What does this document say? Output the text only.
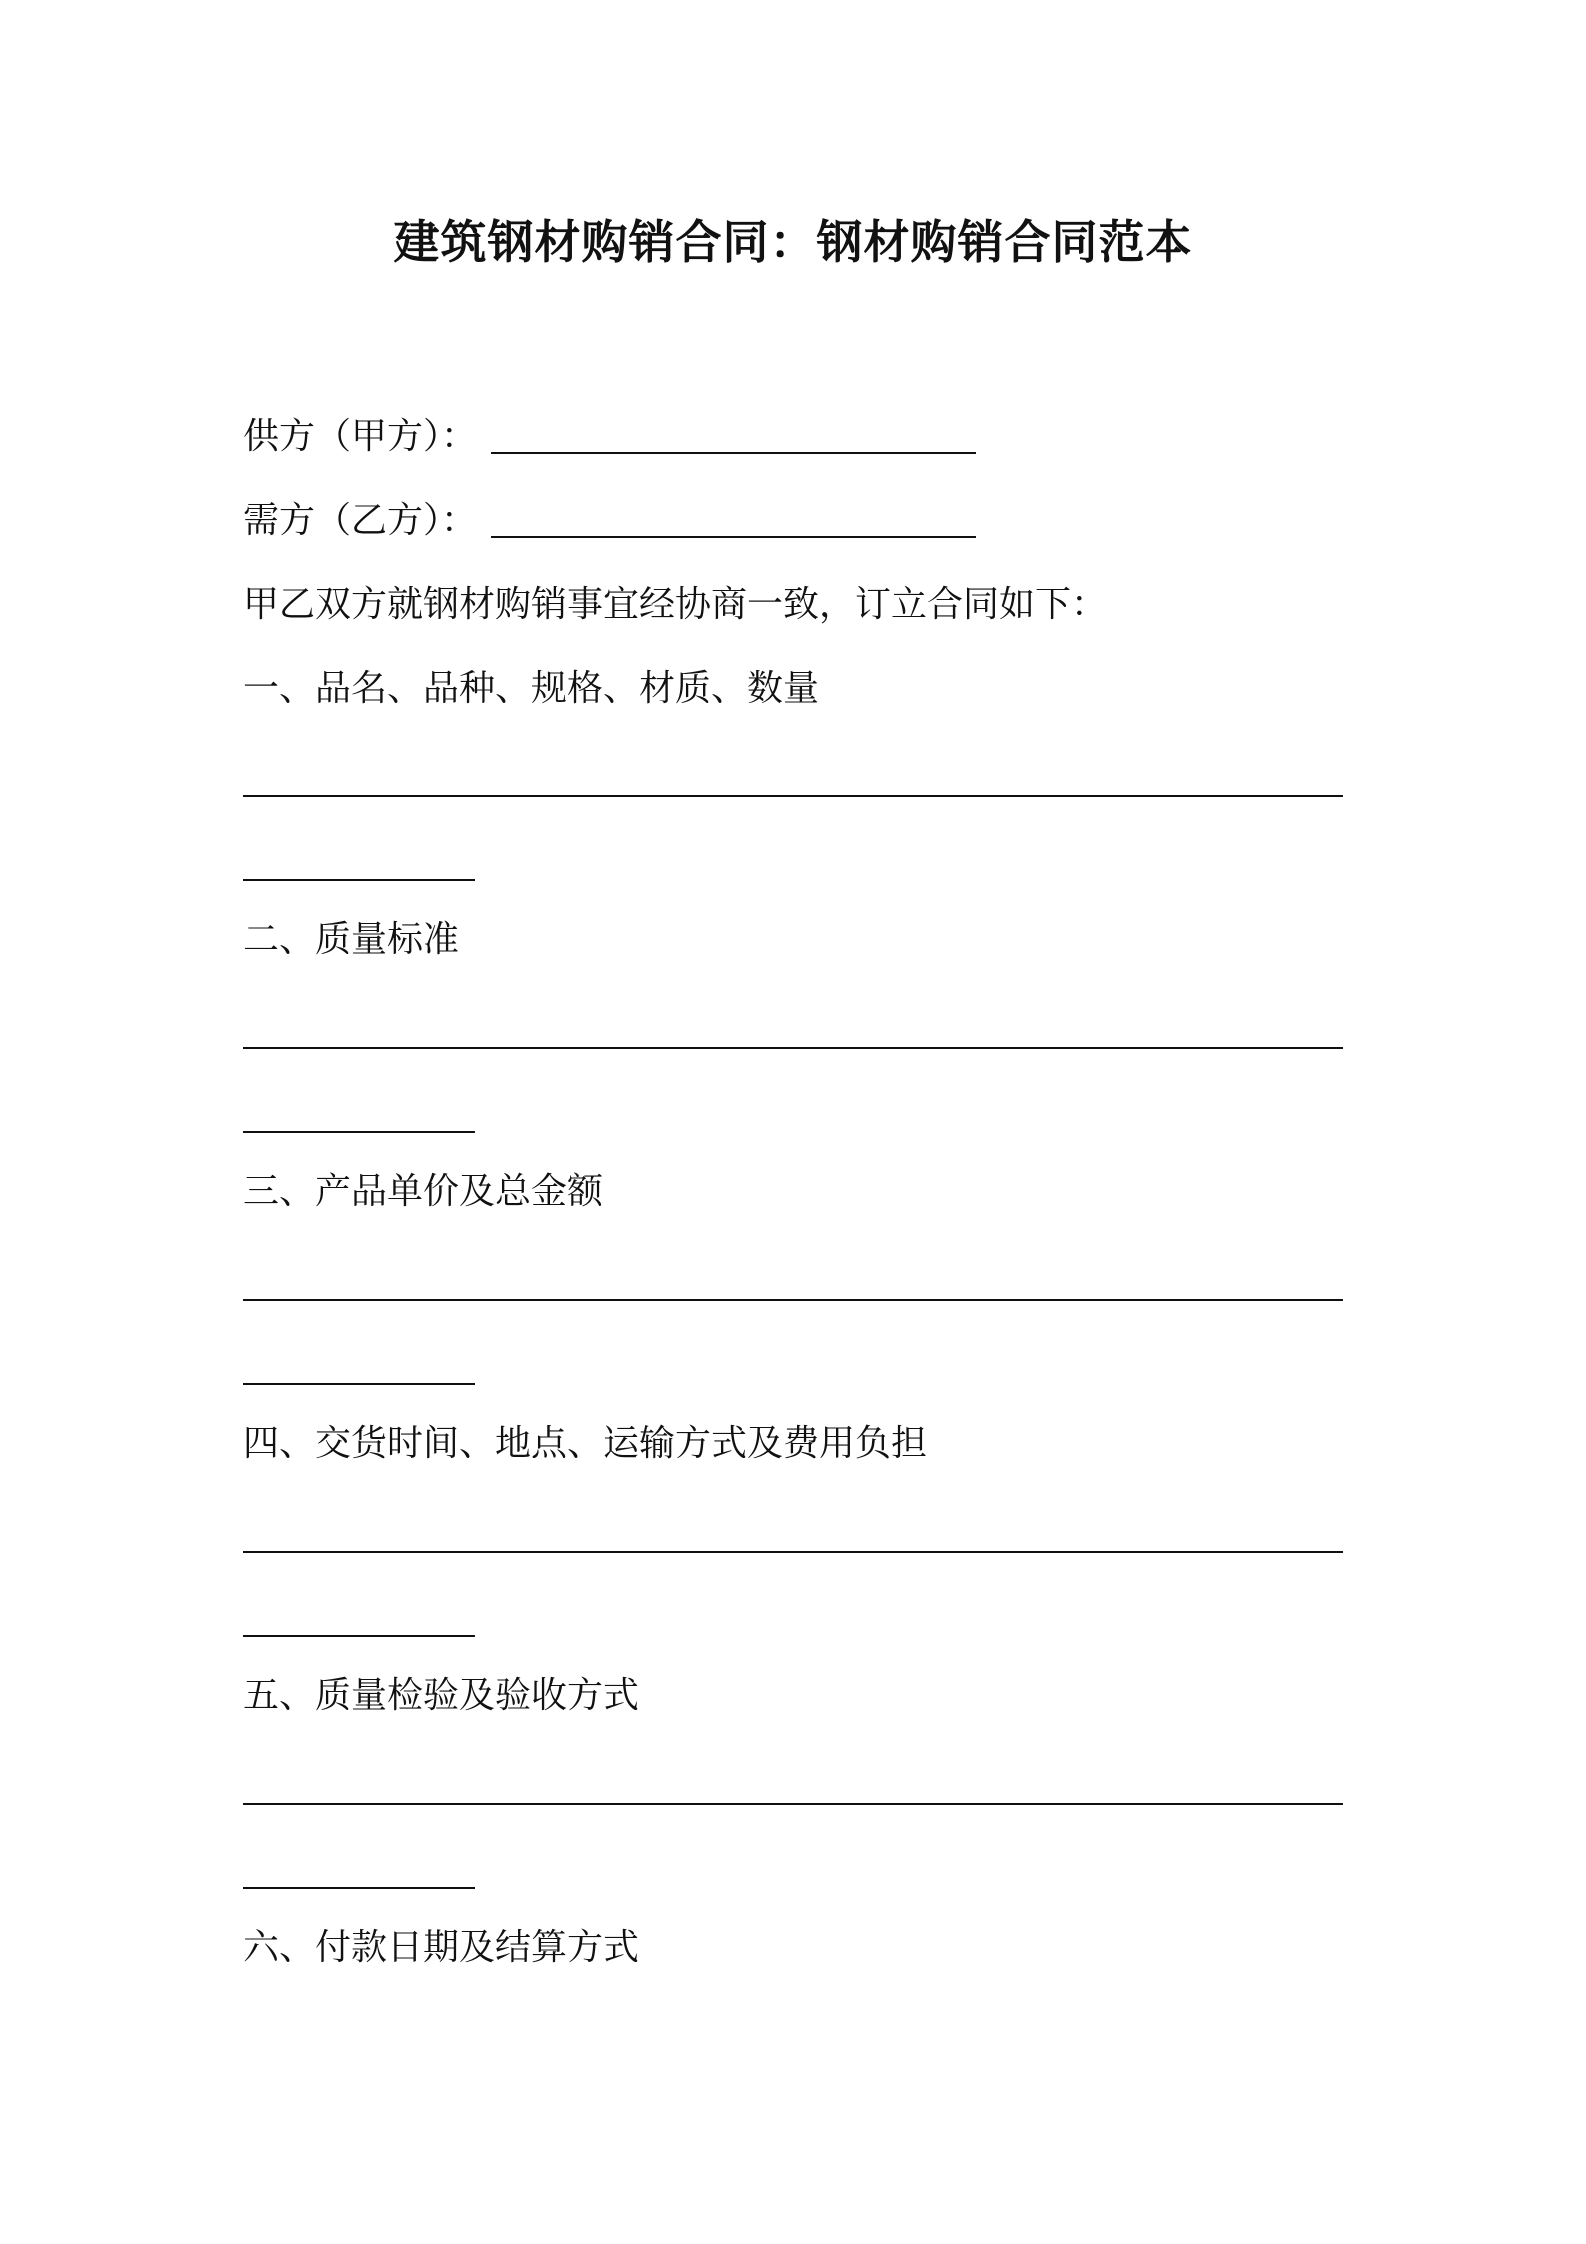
建筑钢材购销合同：钢材购销合同范本
供方（甲方）：
需方（乙方）：
甲乙双方就钢材购销事宜经协商一致，订立合同如下：
一、品名、品种、规格、材质、数量
二、质量标准
三、产品单价及总金额
四、交货时间、地点、运输方式及费用负担
五、质量检验及验收方式
六、付款日期及结算方式
